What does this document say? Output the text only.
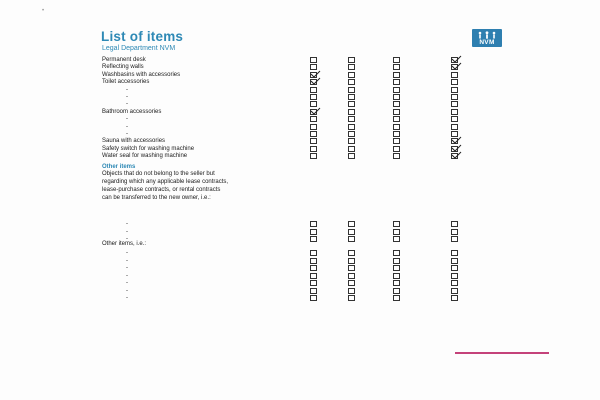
•
List of items
Legal Department NVM
NVM
Permanent desk
Reflecting walls
Washbasins with accessories
Toilet accessories
-
-
-
Bathroom accessories
-
-
-
Sauna with accessories
Safety switch for washing machine
Water seal for washing machine
Other items
Objects that do not belong to the seller but
regarding which any applicable lease contracts,
lease-purchase contracts, or rental contracts
can be transferred to the new owner, i.e.:
-
-
-
Other items, i.e.:
-
-
-
-
-
-
-
